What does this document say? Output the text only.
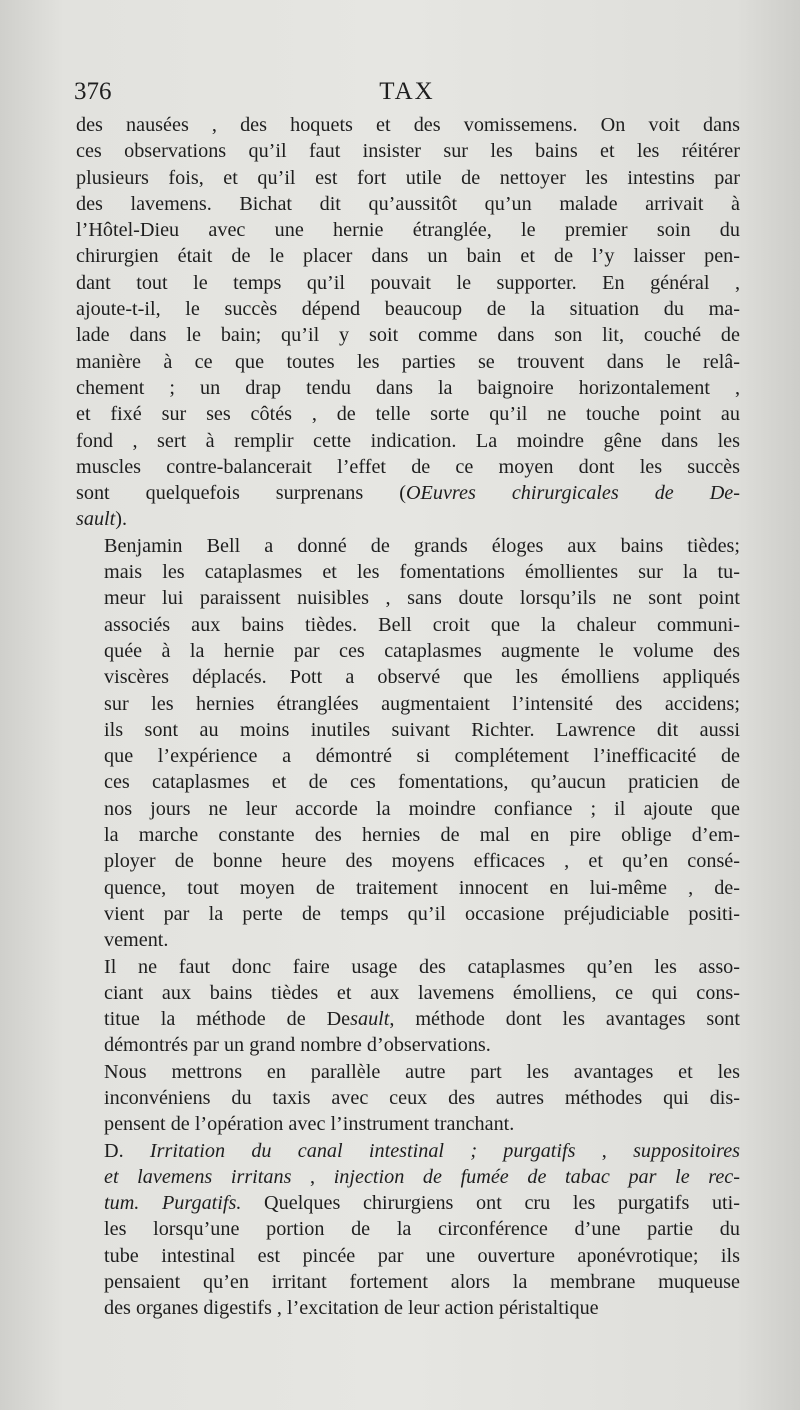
376	TAX

des nausées , des hoquets et des vomissemens. On voit dans
ces observations qu’il faut insister sur les bains et les réitérer
plusieurs fois, et qu’il est fort utile de nettoyer les intestins par
des lavemens. Bichat dit qu’aussitôt qu’un malade arrivait à
l’Hôtel-Dieu avec une hernie étranglée, le premier soin du
chirurgien était de le placer dans un bain et de l’y laisser pen-
dant tout le temps qu’il pouvait le supporter. En général ,
ajoute-t-il, le succès dépend beaucoup de la situation du ma-
lade dans le bain; qu’il y soit comme dans son lit, couché de
manière à ce que toutes les parties se trouvent dans le relâ-
chement ; un drap tendu dans la baignoire horizontalement ,
et fixé sur ses côtés , de telle sorte qu’il ne touche point au
fond , sert à remplir cette indication. La moindre gêne dans les
muscles contre-balancerait l’effet de ce moyen dont les succès
sont quelquefois surprenans (OEuvres chirurgicales de De-
sault).

Benjamin Bell a donné de grands éloges aux bains tièdes;
mais les cataplasmes et les fomentations émollientes sur la tu-
meur lui paraissent nuisibles , sans doute lorsqu’ils ne sont point
associés aux bains tièdes. Bell croit que la chaleur communi-
quée à la hernie par ces cataplasmes augmente le volume des
viscères déplacés. Pott a observé que les émolliens appliqués
sur les hernies étranglées augmentaient l’intensité des accidens;
ils sont au moins inutiles suivant Richter. Lawrence dit aussi
que l’expérience a démontré si complétement l’inefficacité de
ces cataplasmes et de ces fomentations, qu’aucun praticien de
nos jours ne leur accorde la moindre confiance ; il ajoute que
la marche constante des hernies de mal en pire oblige d’em-
ployer de bonne heure des moyens efficaces , et qu’en consé-
quence, tout moyen de traitement innocent en lui-même , de-
vient par la perte de temps qu’il occasione préjudiciable positi-
vement.

Il ne faut donc faire usage des cataplasmes qu’en les asso-
ciant aux bains tièdes et aux lavemens émolliens, ce qui cons-
titue la méthode de Desault, méthode dont les avantages sont
démontrés par un grand nombre d’observations.

Nous mettrons en parallèle autre part les avantages et les
inconvéniens du taxis avec ceux des autres méthodes qui dis-
pensent de l’opération avec l’instrument tranchant.

D. Irritation du canal intestinal ; purgatifs , suppositoires
et lavemens irritans , injection de fumée de tabac par le rec-
tum. Purgatifs. Quelques chirurgiens ont cru les purgatifs uti-
les lorsqu’une portion de la circonférence d’une partie du
tube intestinal est pincée par une ouverture aponévrotique; ils
pensaient qu’en irritant fortement alors la membrane muqueuse
des organes digestifs , l’excitation de leur action péristaltique
